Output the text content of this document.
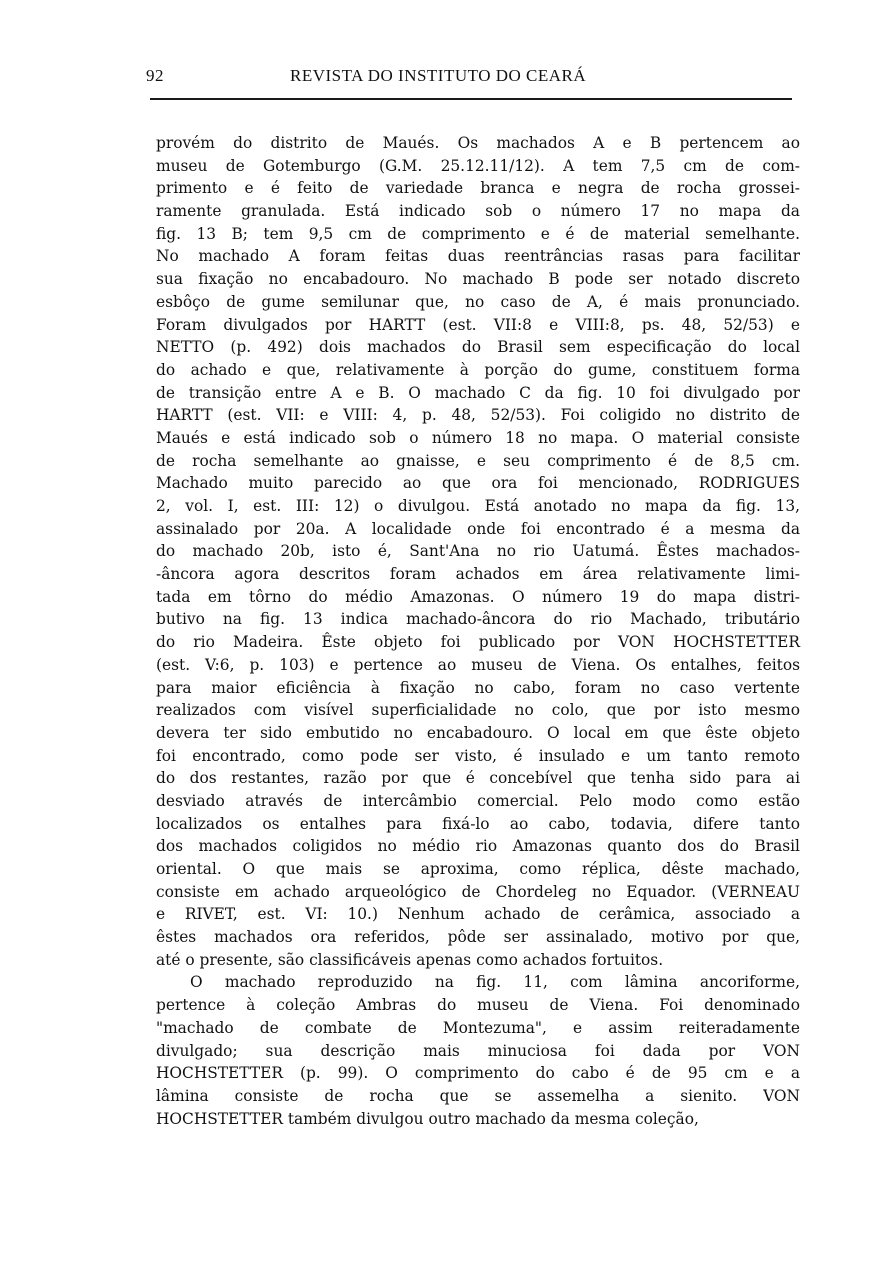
92	REVISTA DO INSTITUTO DO CEARÁ
provém do distrito de Maués. Os machados A e B pertencem ao
museu de Gotemburgo (G.M. 25.12.11/12). A tem 7,5 cm de com-
primento e é feito de variedade branca e negra de rocha grossei-
ramente granulada. Está indicado sob o número 17 no mapa da
fig. 13 B; tem 9,5 cm de comprimento e é de material semelhante.
No machado A foram feitas duas reentrâncias rasas para facilitar
sua fixação no encabadouro. No machado B pode ser notado discreto
esbôço de gume semilunar que, no caso de A, é mais pronunciado.
Foram divulgados por HARTT (est. VII:8 e VIII:8, ps. 48, 52/53) e
NETTO (p. 492) dois machados do Brasil sem especificação do local
do achado e que, relativamente à porção do gume, constituem forma
de transição entre A e B. O machado C da fig. 10 foi divulgado por
HARTT (est. VII: e VIII: 4, p. 48, 52/53). Foi coligido no distrito de
Maués e está indicado sob o número 18 no mapa. O material consiste
de rocha semelhante ao gnaisse, e seu comprimento é de 8,5 cm.
Machado muito parecido ao que ora foi mencionado, RODRIGUES
2, vol. I, est. III: 12) o divulgou. Está anotado no mapa da fig. 13,
assinalado por 20a. A localidade onde foi encontrado é a mesma da
do machado 20b, isto é, Sant'Ana no rio Uatumá. Êstes machados-
-âncora agora descritos foram achados em área relativamente limi-
tada em tôrno do médio Amazonas. O número 19 do mapa distri-
butivo na fig. 13 indica machado-âncora do rio Machado, tributário
do rio Madeira. Êste objeto foi publicado por VON HOCHSTETTER
(est. V:6, p. 103) e pertence ao museu de Viena. Os entalhes, feitos
para maior eficiência à fixação no cabo, foram no caso vertente
realizados com visível superficialidade no colo, que por isto mesmo
devera ter sido embutido no encabadouro. O local em que êste objeto
foi encontrado, como pode ser visto, é insulado e um tanto remoto
do dos restantes, razão por que é concebível que tenha sido para ai
desviado através de intercâmbio comercial. Pelo modo como estão
localizados os entalhes para fixá-lo ao cabo, todavia, difere tanto
dos machados coligidos no médio rio Amazonas quanto dos do Brasil
oriental. O que mais se aproxima, como réplica, dêste machado,
consiste em achado arqueológico de Chordeleg no Equador. (VERNEAU
e RIVET, est. VI: 10.) Nenhum achado de cerâmica, associado a
êstes machados ora referidos, pôde ser assinalado, motivo por que,
até o presente, são classificáveis apenas como achados fortuitos.
O machado reproduzido na fig. 11, com lâmina ancoriforme,
pertence à coleção Ambras do museu de Viena. Foi denominado
"machado de combate de Montezuma", e assim reiteradamente
divulgado; sua descrição mais minuciosa foi dada por VON
HOCHSTETTER (p. 99). O comprimento do cabo é de 95 cm e a
lâmina consiste de rocha que se assemelha a sienito. VON
HOCHSTETTER também divulgou outro machado da mesma coleção,
